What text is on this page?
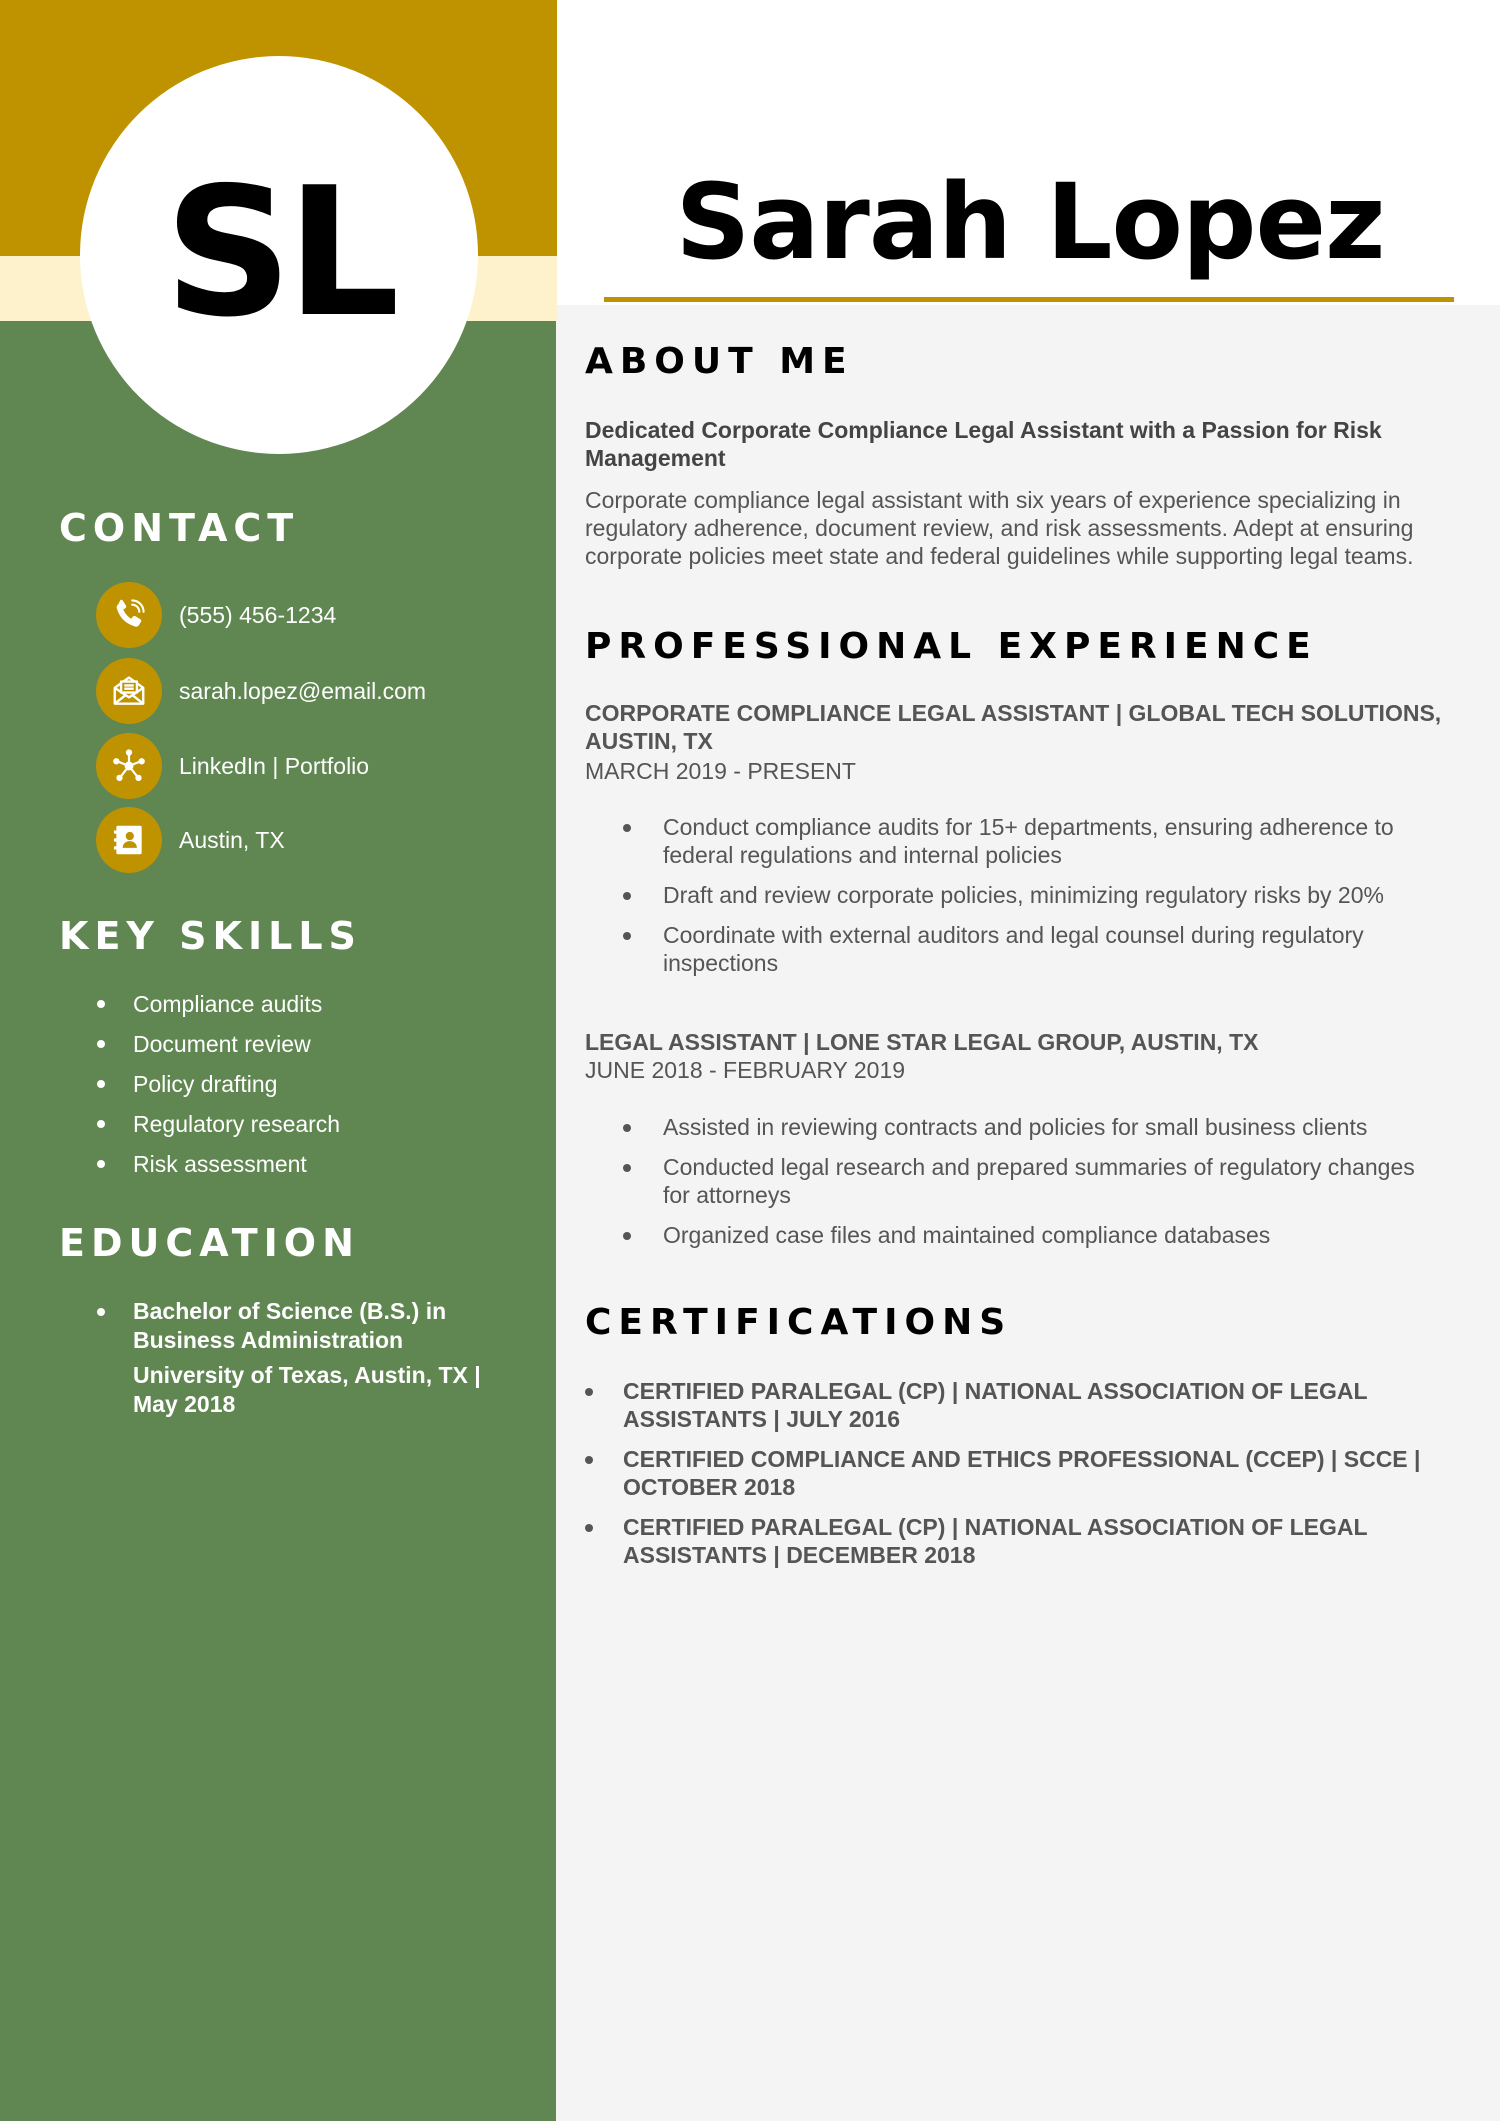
SL	Sarah Lopez
CONTACT
(555) 456-1234
sarah.lopez@email.com
LinkedIn | Portfolio
Austin, TX
KEY SKILLS
Compliance audits
Document review
Policy drafting
Regulatory research
Risk assessment
EDUCATION
Bachelor of Science (B.S.) in Business Administration
University of Texas, Austin, TX | May 2018
ABOUT ME
Dedicated Corporate Compliance Legal Assistant with a Passion for Risk Management
Corporate compliance legal assistant with six years of experience specializing in regulatory adherence, document review, and risk assessments. Adept at ensuring corporate policies meet state and federal guidelines while supporting legal teams.
PROFESSIONAL EXPERIENCE
CORPORATE COMPLIANCE LEGAL ASSISTANT | GLOBAL TECH SOLUTIONS, AUSTIN, TX
MARCH 2019 - PRESENT
Conduct compliance audits for 15+ departments, ensuring adherence to federal regulations and internal policies
Draft and review corporate policies, minimizing regulatory risks by 20%
Coordinate with external auditors and legal counsel during regulatory inspections
LEGAL ASSISTANT | LONE STAR LEGAL GROUP, AUSTIN, TX
JUNE 2018 - FEBRUARY 2019
Assisted in reviewing contracts and policies for small business clients
Conducted legal research and prepared summaries of regulatory changes for attorneys
Organized case files and maintained compliance databases
CERTIFICATIONS
CERTIFIED PARALEGAL (CP) | NATIONAL ASSOCIATION OF LEGAL ASSISTANTS | JULY 2016
CERTIFIED COMPLIANCE AND ETHICS PROFESSIONAL (CCEP) | SCCE | OCTOBER 2018
CERTIFIED PARALEGAL (CP) | NATIONAL ASSOCIATION OF LEGAL ASSISTANTS | DECEMBER 2018
